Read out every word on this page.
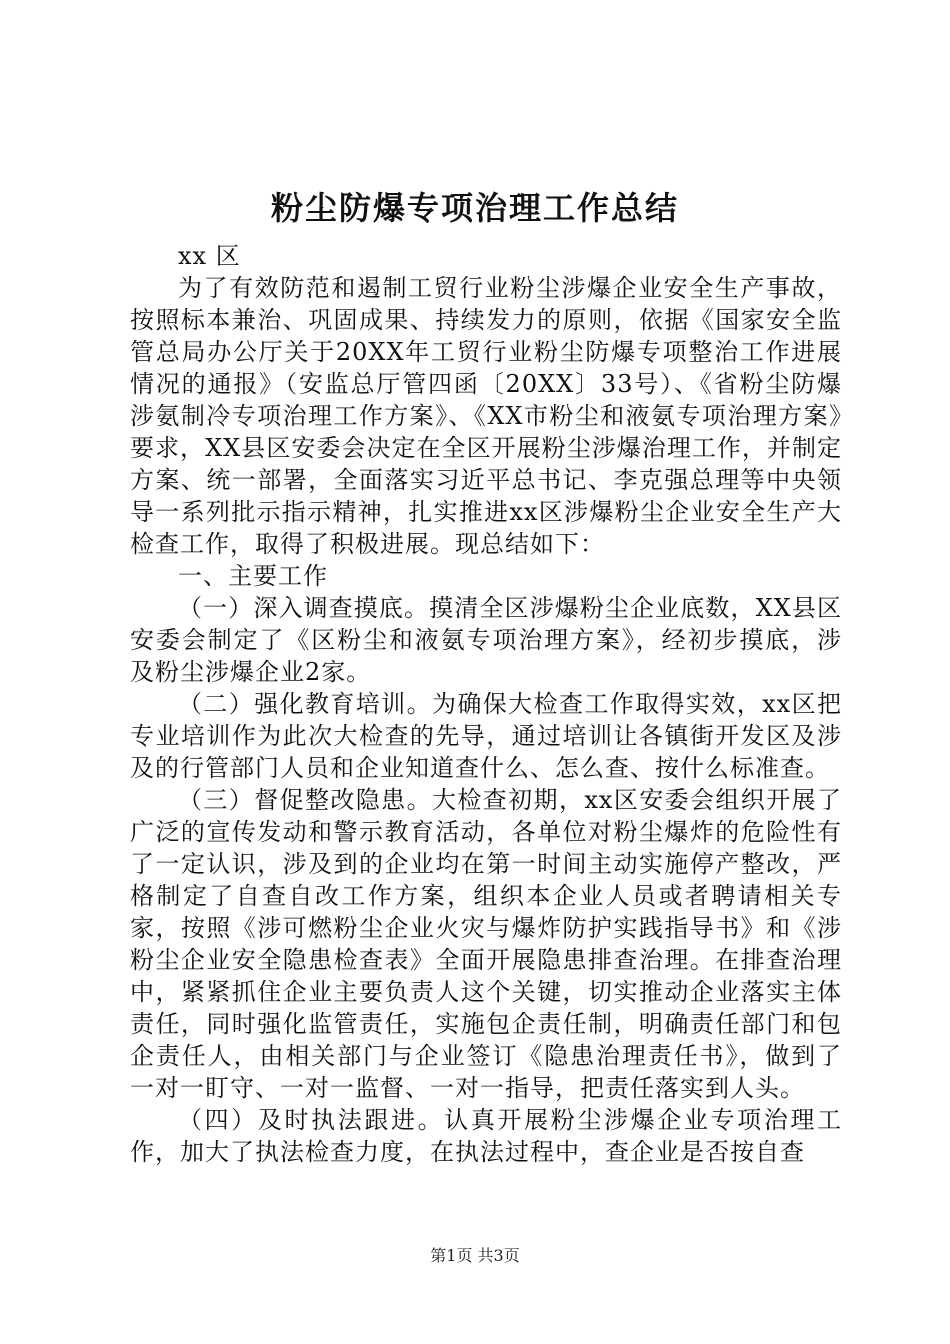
粉尘防爆专项治理工作总结

xx 区

为了有效防范和遏制工贸行业粉尘涉爆企业安全生产事故，按照标本兼治、巩固成果、持续发力的原则，依据《国家安全监管总局办公厅关于20XX年工贸行业粉尘防爆专项整治工作进展情况的通报》（安监总厅管四函〔20XX〕33号）、《省粉尘防爆涉氨制冷专项治理工作方案》、《XX市粉尘和液氨专项治理方案》要求，XX县区安委会决定在全区开展粉尘涉爆治理工作，并制定方案、统一部署，全面落实习近平总书记、李克强总理等中央领导一系列批示指示精神，扎实推进xx区涉爆粉尘企业安全生产大检查工作，取得了积极进展。现总结如下：

一、主要工作

（一）深入调查摸底。摸清全区涉爆粉尘企业底数，XX县区安委会制定了《区粉尘和液氨专项治理方案》，经初步摸底，涉及粉尘涉爆企业2家。

（二）强化教育培训。为确保大检查工作取得实效，xx区把专业培训作为此次大检查的先导，通过培训让各镇街开发区及涉及的行管部门人员和企业知道查什么、怎么查、按什么标准查。

（三）督促整改隐患。大检查初期，xx区安委会组织开展了广泛的宣传发动和警示教育活动，各单位对粉尘爆炸的危险性有了一定认识，涉及到的企业均在第一时间主动实施停产整改，严格制定了自查自改工作方案，组织本企业人员或者聘请相关专家，按照《涉可燃粉尘企业火灾与爆炸防护实践指导书》和《涉粉尘企业安全隐患检查表》全面开展隐患排查治理。在排查治理中，紧紧抓住企业主要负责人这个关键，切实推动企业落实主体责任，同时强化监管责任，实施包企责任制，明确责任部门和包企责任人，由相关部门与企业签订《隐患治理责任书》，做到了一对一盯守、一对一监督、一对一指导，把责任落实到人头。

（四）及时执法跟进。认真开展粉尘涉爆企业专项治理工作，加大了执法检查力度，在执法过程中，查企业是否按自查

第1页 共3页
